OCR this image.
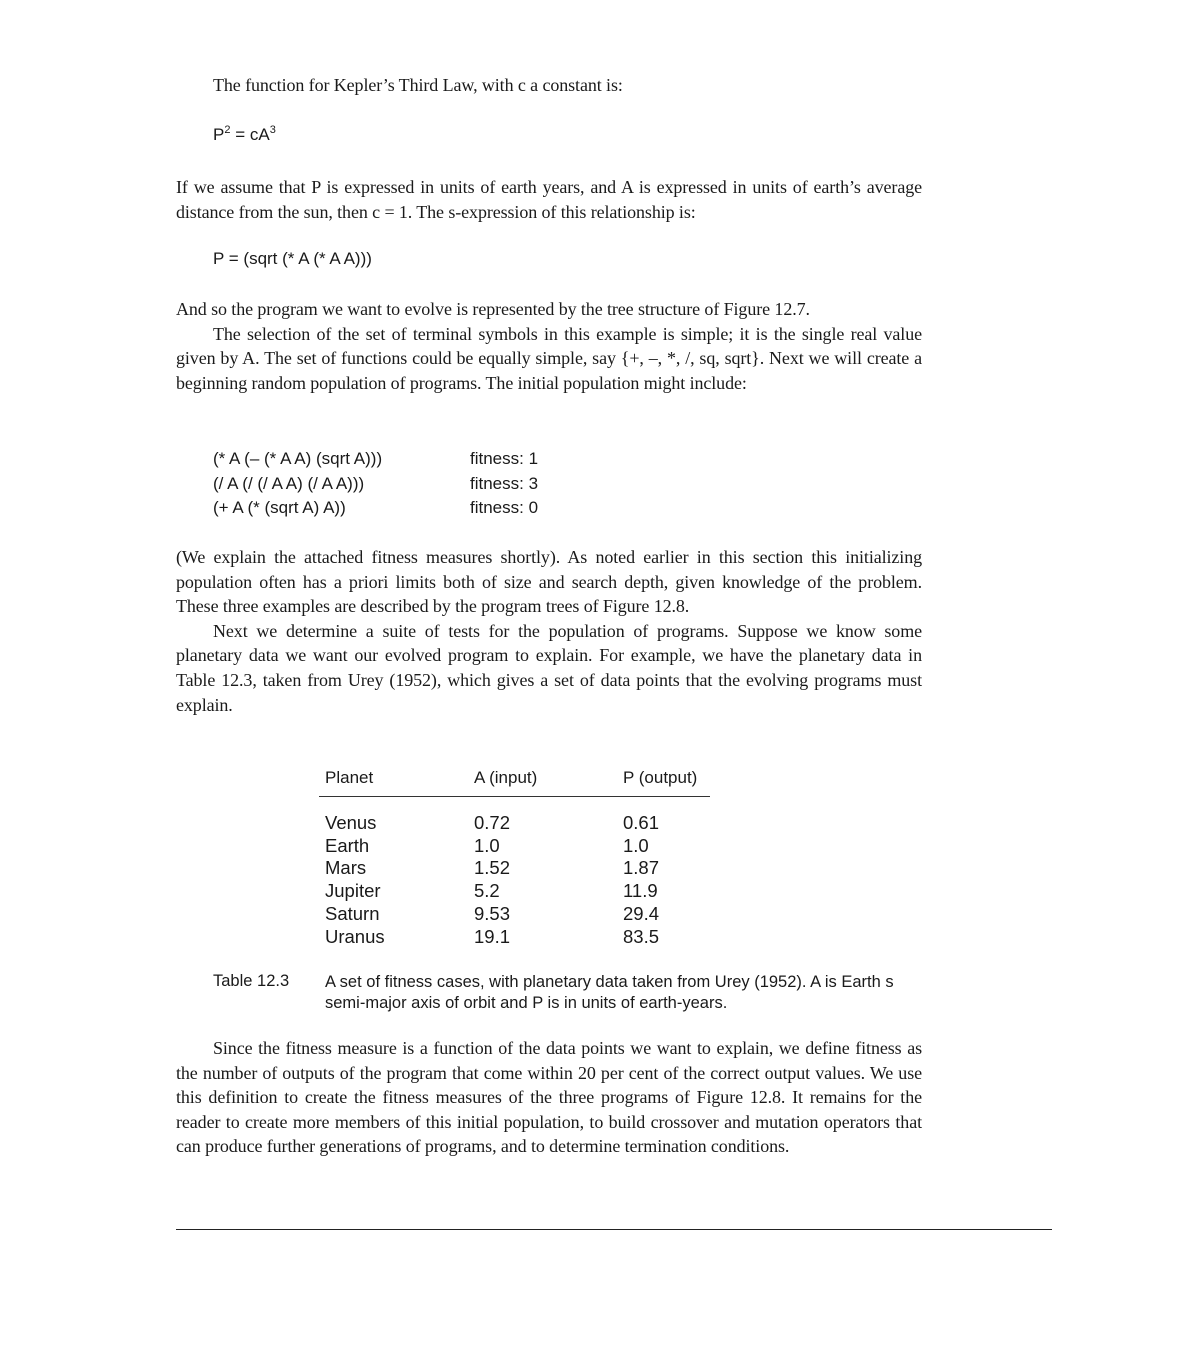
The function for Kepler’s Third Law, with c a constant is:
$P^2 = cA^3$

If we assume that P is expressed in units of earth years, and A is expressed in units of earth’s average distance from the sun, then c = 1. The s-expression of this relationship is:

P = (sqrt (* A (* A A)))

And so the program we want to evolve is represented by the tree structure of Figure 12.7.

The selection of the set of terminal symbols in this example is simple; it is the single real value given by A. The set of functions could be equally simple, say {+, –, *, /, sq, sqrt}. Next we will create a beginning random population of programs. The initial population might include:

(* A (– (* A A) (sqrt A)))	fitness: 1
(/ A (/ (/ A A) (/ A A)))	fitness: 3
(+ A (* (sqrt A) A))	fitness: 0

(We explain the attached fitness measures shortly). As noted earlier in this section this initializing population often has a priori limits both of size and search depth, given knowledge of the problem. These three examples are described by the program trees of Figure 12.8.

Next we determine a suite of tests for the population of programs. Suppose we know some planetary data we want our evolved program to explain. For example, we have the planetary data in Table 12.3, taken from Urey (1952), which gives a set of data points that the evolving programs must explain.

Planet	A (input)	P (output)
Venus	0.72	0.61
Earth	1.0	1.0
Mars	1.52	1.87
Jupiter	5.2	11.9
Saturn	9.53	29.4
Uranus	19.1	83.5
Table 12.3 A set of fitness cases, with planetary data taken from Urey (1952). A is Earth s semi-major axis of orbit and P is in units of earth-years.

Since the fitness measure is a function of the data points we want to explain, we define fitness as the number of outputs of the program that come within 20 per cent of the correct output values. We use this definition to create the fitness measures of the three programs of Figure 12.8. It remains for the reader to create more members of this initial population, to build crossover and mutation operators that can produce further generations of programs, and to determine termination conditions.
